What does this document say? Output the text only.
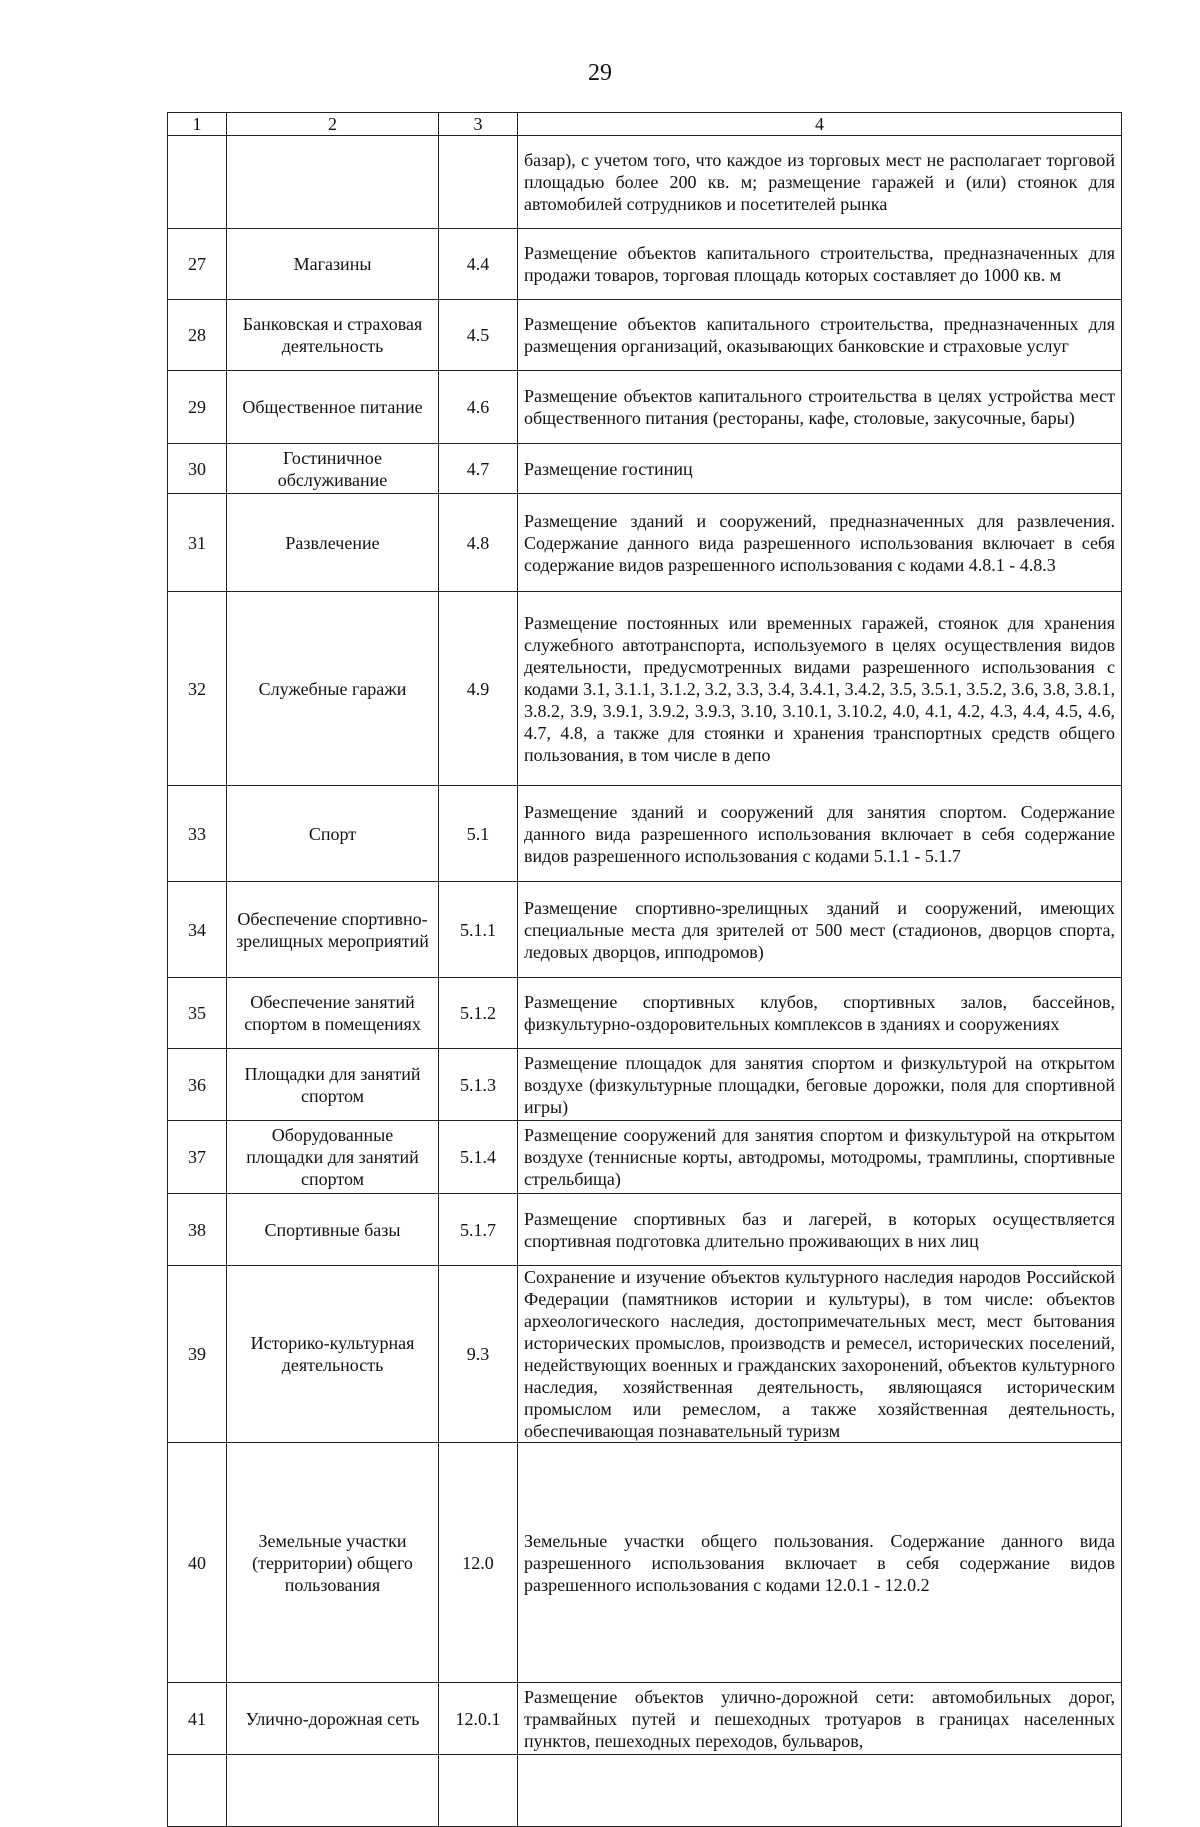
29
1	2	3	4
			базар), с учетом того, что каждое из торговых мест не располагает торговой площадью более 200 кв. м; размещение гаражей и (или) стоянок для автомобилей сотрудников и посетителей рынка
27	Магазины	4.4	Размещение объектов капитального строительства, предназначенных для продажи товаров, торговая площадь которых составляет до 1000 кв. м
28	Банковская и страховая деятельность	4.5	Размещение объектов капитального строительства, предназначенных для размещения организаций, оказывающих банковские и страховые услуг
29	Общественное питание	4.6	Размещение объектов капитального строительства в целях устройства мест общественного питания (рестораны, кафе, столовые, закусочные, бары)
30	Гостиничное обслуживание	4.7	Размещение гостиниц
31	Развлечение	4.8	Размещение зданий и сооружений, предназначенных для развлечения. Содержание данного вида разрешенного использования включает в себя содержание видов разрешенного использования с кодами 4.8.1 - 4.8.3
32	Служебные гаражи	4.9	Размещение постоянных или временных гаражей, стоянок для хранения служебного автотранспорта, используемого в целях осуществления видов деятельности, предусмотренных видами разрешенного использования с кодами 3.1, 3.1.1, 3.1.2, 3.2, 3.3, 3.4, 3.4.1, 3.4.2, 3.5, 3.5.1, 3.5.2, 3.6, 3.8, 3.8.1, 3.8.2, 3.9, 3.9.1, 3.9.2, 3.9.3, 3.10, 3.10.1, 3.10.2, 4.0, 4.1, 4.2, 4.3, 4.4, 4.5, 4.6, 4.7, 4.8, а также для стоянки и хранения транспортных средств общего пользования, в том числе в депо
33	Спорт	5.1	Размещение зданий и сооружений для занятия спортом. Содержание данного вида разрешенного использования включает в себя содержание видов разрешенного использования с кодами 5.1.1 - 5.1.7
34	Обеспечение спортивно-зрелищных мероприятий	5.1.1	Размещение спортивно-зрелищных зданий и сооружений, имеющих специальные места для зрителей от 500 мест (стадионов, дворцов спорта, ледовых дворцов, ипподромов)
35	Обеспечение занятий спортом в помещениях	5.1.2	Размещение спортивных клубов, спортивных залов, бассейнов, физкультурно-оздоровительных комплексов в зданиях и сооружениях
36	Площадки для занятий спортом	5.1.3	Размещение площадок для занятия спортом и физкультурой на открытом воздухе (физкультурные площадки, беговые дорожки, поля для спортивной игры)
37	Оборудованные площадки для занятий спортом	5.1.4	Размещение сооружений для занятия спортом и физкультурой на открытом воздухе (теннисные корты, автодромы, мотодромы, трамплины, спортивные стрельбища)
38	Спортивные базы	5.1.7	Размещение спортивных баз и лагерей, в которых осуществляется спортивная подготовка длительно проживающих в них лиц
39	Историко-культурная деятельность	9.3	Сохранение и изучение объектов культурного наследия народов Российской Федерации (памятников истории и культуры), в том числе: объектов археологического наследия, достопримечательных мест, мест бытования исторических промыслов, производств и ремесел, исторических поселений, недействующих военных и гражданских захоронений, объектов культурного наследия, хозяйственная деятельность, являющаяся историческим промыслом или ремеслом, а также хозяйственная деятельность, обеспечивающая познавательный туризм
40	Земельные участки (территории) общего пользования	12.0	Земельные участки общего пользования. Содержание данного вида разрешенного использования включает в себя содержание видов разрешенного использования с кодами 12.0.1 - 12.0.2
41	Улично-дорожная сеть	12.0.1	Размещение объектов улично-дорожной сети: автомобильных дорог, трамвайных путей и пешеходных тротуаров в границах населенных пунктов, пешеходных переходов, бульваров,
